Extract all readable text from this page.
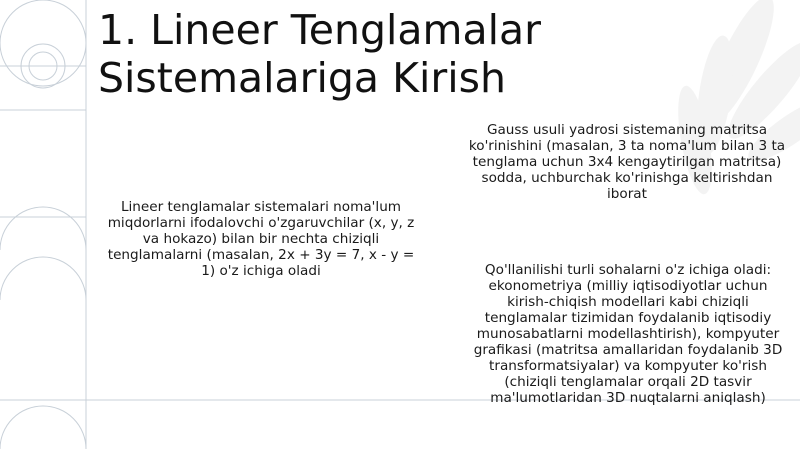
1. Lineer Tenglamalar
Sistemalariga Kirish

Lineer tenglamalar sistemalari noma'lum miqdorlarni ifodalovchi o'zgaruvchilar (x, y, z va hokazo) bilan bir nechta chiziqli tenglamalarni (masalan, 2x + 3y = 7, x - y = 1) o'z ichiga oladi

Gauss usuli yadrosi sistemaning matritsa ko'rinishini (masalan, 3 ta noma'lum bilan 3 ta tenglama uchun 3x4 kengaytirilgan matritsa) sodda, uchburchak ko'rinishga keltirishdan iborat

Qo'llanilishi turli sohalarni o'z ichiga oladi: ekonometriya (milliy iqtisodiyotlar uchun kirish-chiqish modellari kabi chiziqli tenglamalar tizimidan foydalanib iqtisodiy munosabatlarni modellashtirish), kompyuter grafikasi (matritsa amallaridan foydalanib 3D transformatsiyalar) va kompyuter ko'rish (chiziqli tenglamalar orqali 2D tasvir ma'lumotlaridan 3D nuqtalarni aniqlash)
